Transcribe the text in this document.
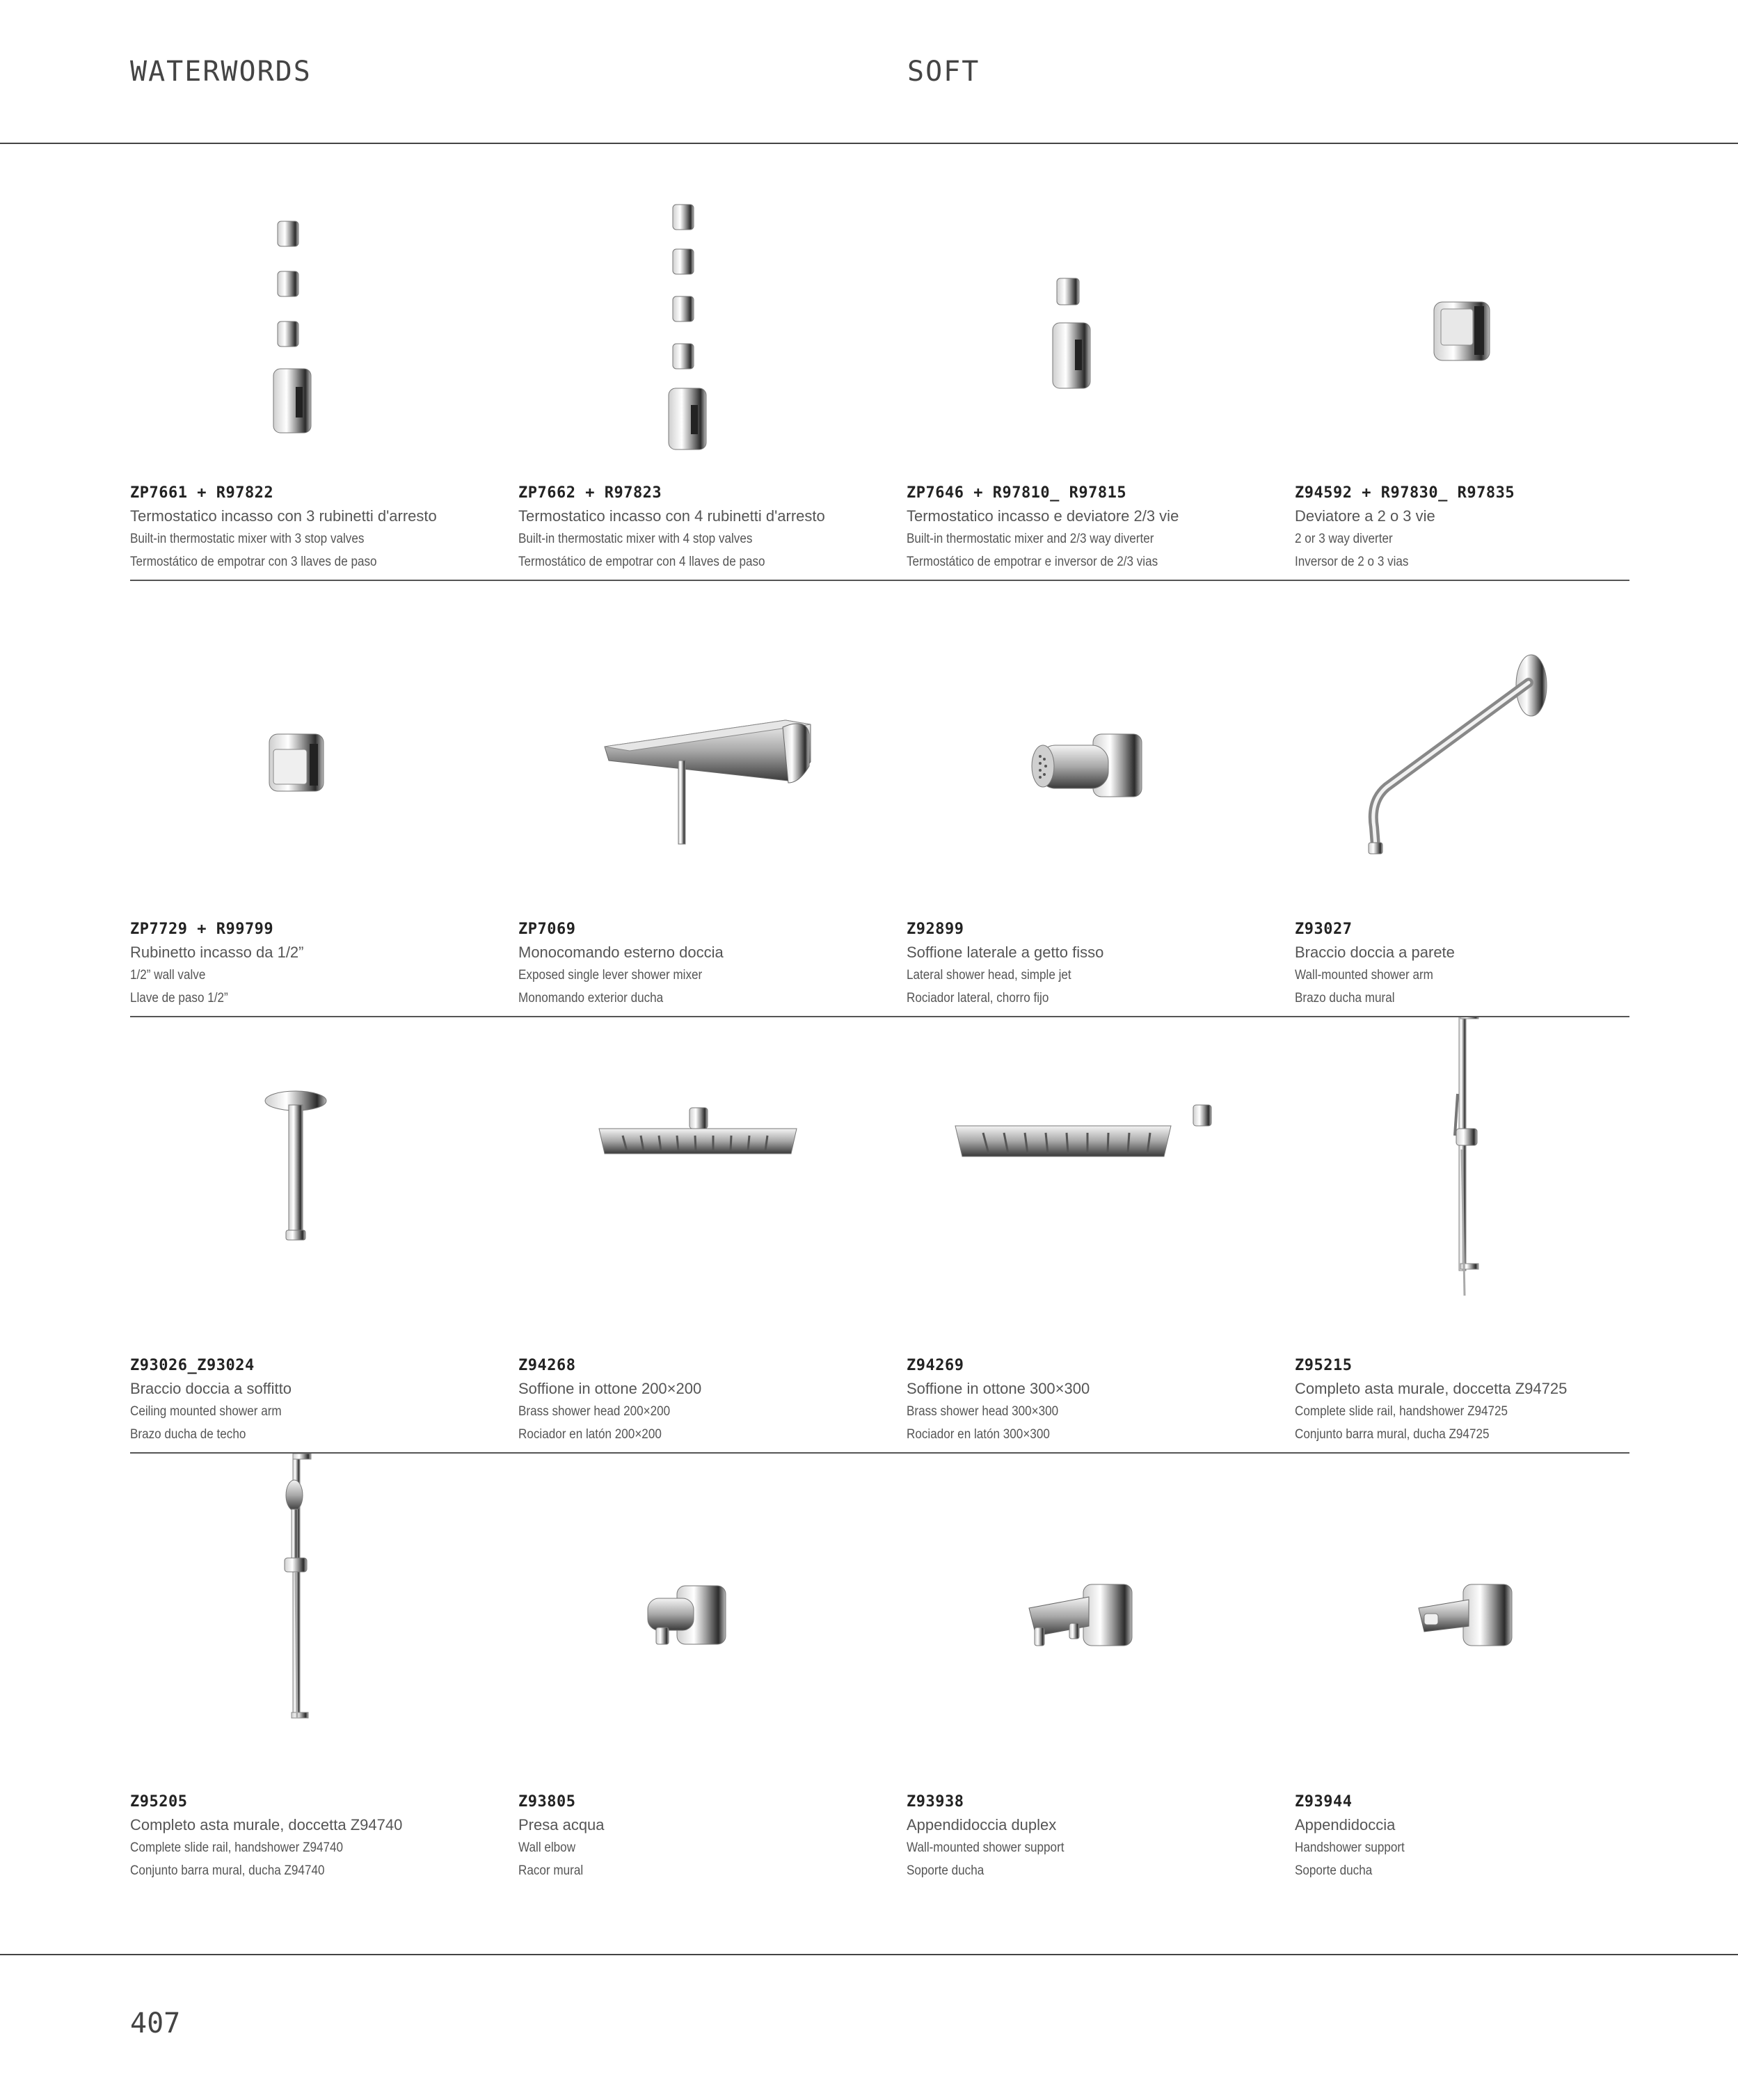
WATERWORDS	SOFT
ZP7661 + R97822
Termostatico incasso con 3 rubinetti d'arresto
Built-in thermostatic mixer with 3 stop valves
Termostático de empotrar con 3 llaves de paso
ZP7662 + R97823
Termostatico incasso con 4 rubinetti d'arresto
Built-in thermostatic mixer with 4 stop valves
Termostático de empotrar con 4 llaves de paso
ZP7646 + R97810_ R97815
Termostatico incasso e deviatore 2/3 vie
Built-in thermostatic mixer and 2/3 way diverter
Termostático de empotrar e inversor de 2/3 vias
Z94592 + R97830_ R97835
Deviatore a 2 o 3 vie
2 or 3 way diverter
Inversor de 2 o 3 vias
ZP7729 + R99799
Rubinetto incasso da 1/2”
1/2” wall valve
Llave de paso 1/2”
ZP7069
Monocomando esterno doccia
Exposed single lever shower mixer
Monomando exterior ducha
Z92899
Soffione laterale a getto fisso
Lateral shower head, simple jet
Rociador lateral, chorro fijo
Z93027
Braccio doccia a parete
Wall-mounted shower arm
Brazo ducha mural
Z93026_Z93024
Braccio doccia a soffitto
Ceiling mounted shower arm
Brazo ducha de techo
Z94268
Soffione in ottone 200×200
Brass shower head 200×200
Rociador en latón 200×200
Z94269
Soffione in ottone 300×300
Brass shower head 300×300
Rociador en latón 300×300
Z95215
Completo asta murale, doccetta Z94725
Complete slide rail, handshower Z94725
Conjunto barra mural, ducha Z94725
Z95205
Completo asta murale, doccetta Z94740
Complete slide rail, handshower Z94740
Conjunto barra mural, ducha Z94740
Z93805
Presa acqua
Wall elbow
Racor mural
Z93938
Appendidoccia duplex
Wall-mounted shower support
Soporte ducha
Z93944
Appendidoccia
Handshower support
Soporte ducha
407
